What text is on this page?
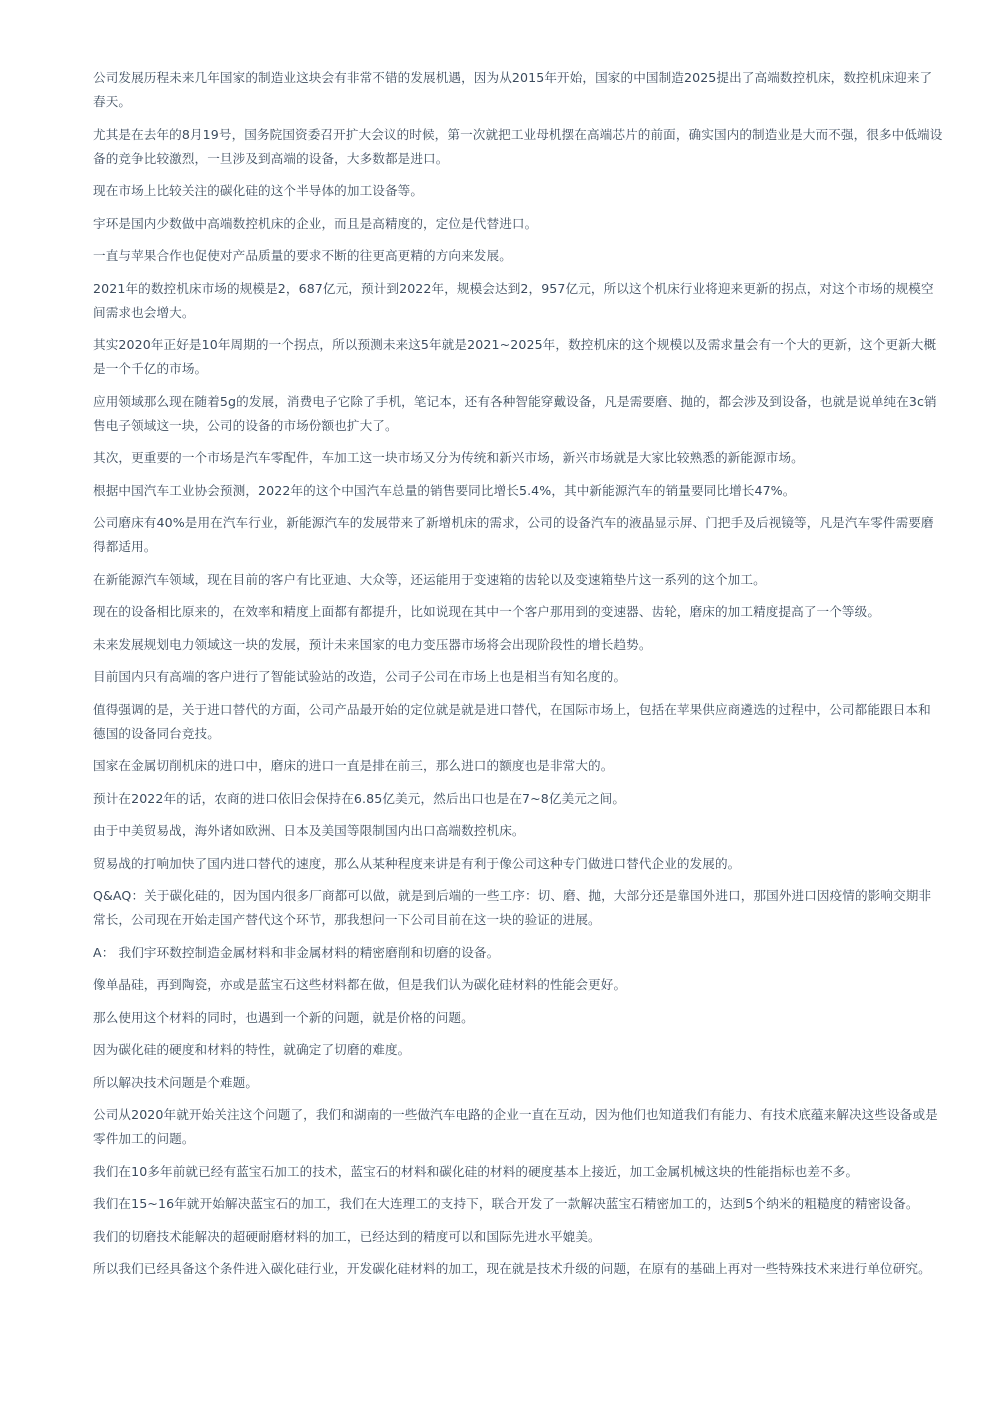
公司发展历程未来几年国家的制造业这块会有非常不错的发展机遇，因为从2015年开始，国家的中国制造2025提出了高端数控机床，数控机床迎来了春天。

尤其是在去年的8月19号，国务院国资委召开扩大会议的时候，第一次就把工业母机摆在高端芯片的前面，确实国内的制造业是大而不强，很多中低端设备的竞争比较激烈，一旦涉及到高端的设备，大多数都是进口。

现在市场上比较关注的碳化硅的这个半导体的加工设备等。

宇环是国内少数做中高端数控机床的企业，而且是高精度的，定位是代替进口。

一直与苹果合作也促使对产品质量的要求不断的往更高更精的方向来发展。

2021年的数控机床市场的规模是2，687亿元，预计到2022年，规模会达到2，957亿元，所以这个机床行业将迎来更新的拐点，对这个市场的规模空间需求也会增大。

其实2020年正好是10年周期的一个拐点，所以预测未来这5年就是2021~2025年，数控机床的这个规模以及需求量会有一个大的更新，这个更新大概是一个千亿的市场。

应用领域那么现在随着5g的发展，消费电子它除了手机，笔记本，还有各种智能穿戴设备，凡是需要磨、抛的，都会涉及到设备，也就是说单纯在3c销售电子领域这一块，公司的设备的市场份额也扩大了。

其次，更重要的一个市场是汽车零配件，车加工这一块市场又分为传统和新兴市场，新兴市场就是大家比较熟悉的新能源市场。

根据中国汽车工业协会预测，2022年的这个中国汽车总量的销售要同比增长5.4%，其中新能源汽车的销量要同比增长47%。

公司磨床有40%是用在汽车行业，新能源汽车的发展带来了新增机床的需求，公司的设备汽车的液晶显示屏、门把手及后视镜等，凡是汽车零件需要磨得都适用。

在新能源汽车领域，现在目前的客户有比亚迪、大众等，还运能用于变速箱的齿轮以及变速箱垫片这一系列的这个加工。

现在的设备相比原来的，在效率和精度上面都有都提升，比如说现在其中一个客户那用到的变速器、齿轮，磨床的加工精度提高了一个等级。

未来发展规划电力领域这一块的发展，预计未来国家的电力变压器市场将会出现阶段性的增长趋势。

目前国内只有高端的客户进行了智能试验站的改造，公司子公司在市场上也是相当有知名度的。

值得强调的是，关于进口替代的方面，公司产品最开始的定位就是就是进口替代，在国际市场上，包括在苹果供应商遴选的过程中，公司都能跟日本和德国的设备同台竞技。

国家在金属切削机床的进口中，磨床的进口一直是排在前三，那么进口的额度也是非常大的。

预计在2022年的话，农商的进口依旧会保持在6.85亿美元，然后出口也是在7~8亿美元之间。

由于中美贸易战，海外诸如欧洲、日本及美国等限制国内出口高端数控机床。

贸易战的打响加快了国内进口替代的速度，那么从某种程度来讲是有利于像公司这种专门做进口替代企业的发展的。

Q&AQ：关于碳化硅的，因为国内很多厂商都可以做，就是到后端的一些工序：切、磨、抛，大部分还是靠国外进口，那国外进口因疫情的影响交期非常长，公司现在开始走国产替代这个环节，那我想问一下公司目前在这一块的验证的进展。

A： 我们宇环数控制造金属材料和非金属材料的精密磨削和切磨的设备。

像单晶硅，再到陶瓷，亦或是蓝宝石这些材料都在做，但是我们认为碳化硅材料的性能会更好。

那么使用这个材料的同时，也遇到一个新的问题，就是价格的问题。

因为碳化硅的硬度和材料的特性，就确定了切磨的难度。

所以解决技术问题是个难题。

公司从2020年就开始关注这个问题了，我们和湖南的一些做汽车电路的企业一直在互动，因为他们也知道我们有能力、有技术底蕴来解决这些设备或是零件加工的问题。

我们在10多年前就已经有蓝宝石加工的技术，蓝宝石的材料和碳化硅的材料的硬度基本上接近，加工金属机械这块的性能指标也差不多。

我们在15~16年就开始解决蓝宝石的加工，我们在大连理工的支持下，联合开发了一款解决蓝宝石精密加工的，达到5个纳米的粗糙度的精密设备。

我们的切磨技术能解决的超硬耐磨材料的加工，已经达到的精度可以和国际先进水平媲美。

所以我们已经具备这个条件进入碳化硅行业，开发碳化硅材料的加工，现在就是技术升级的问题，在原有的基础上再对一些特殊技术来进行单位研究。
